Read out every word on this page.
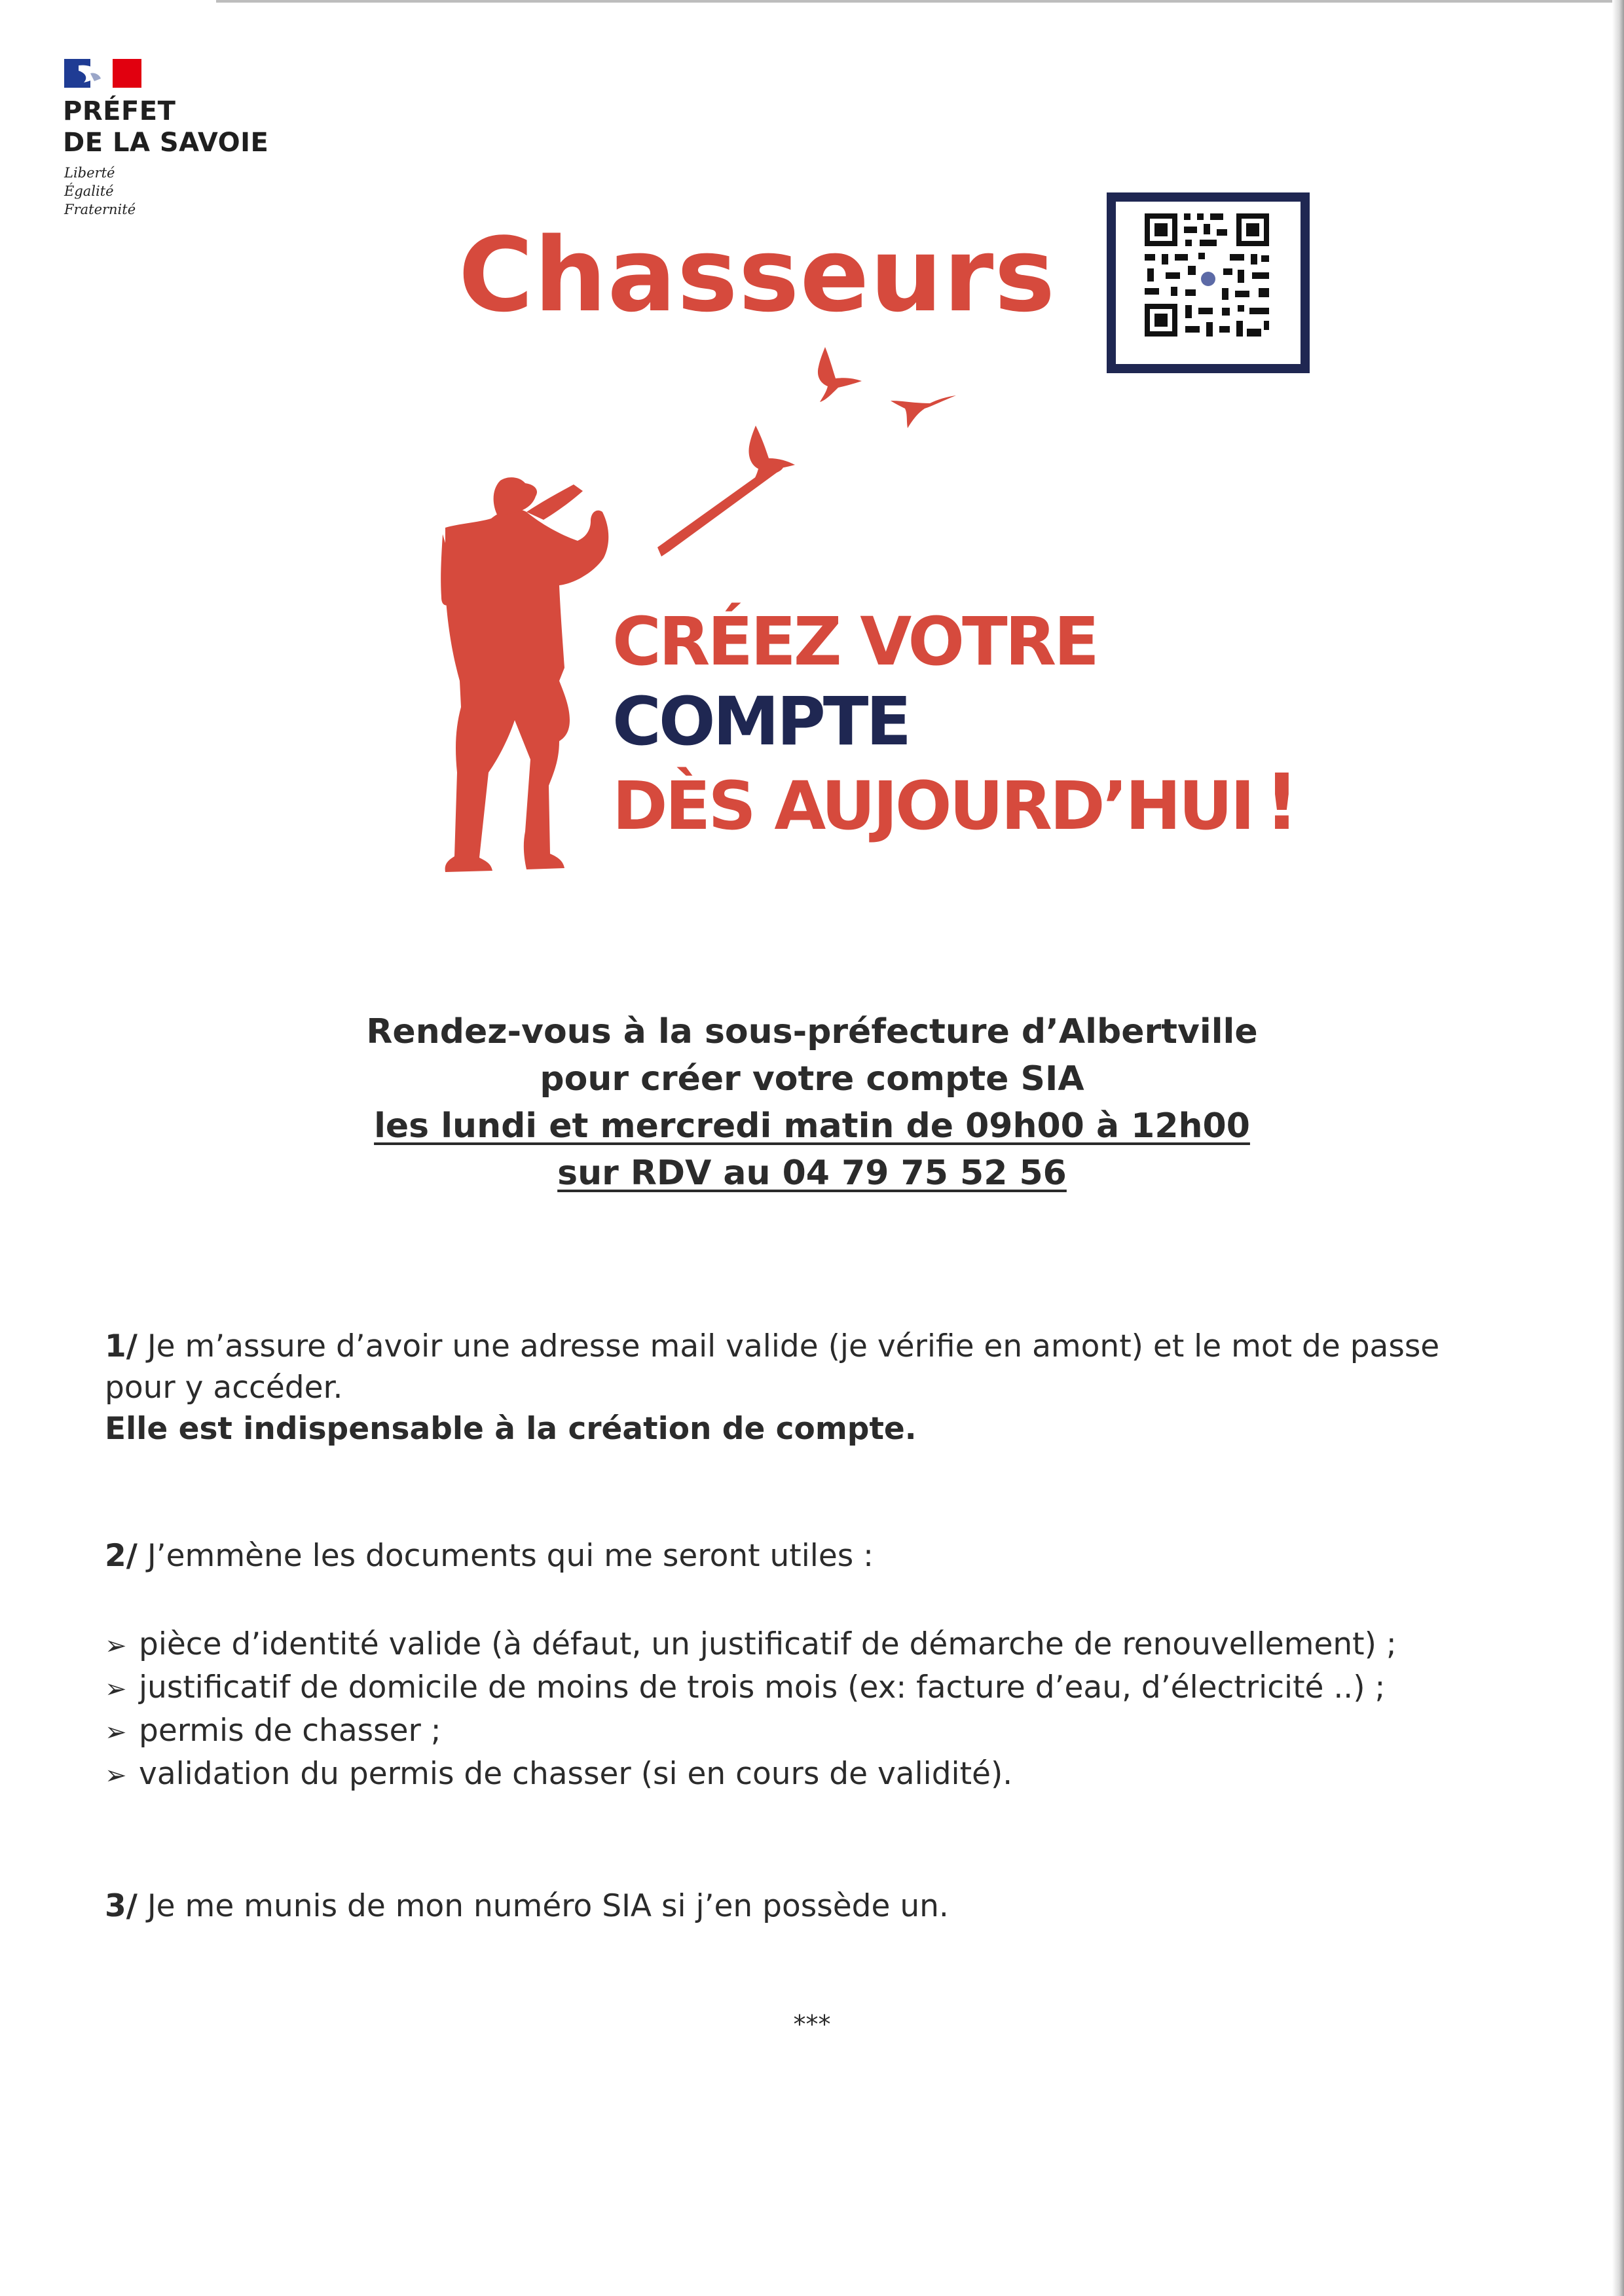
PRÉFET
DE LA SAVOIE
Liberté
Égalité
Fraternité
Chasseurs
CRÉEZ VOTRE
COMPTE
DÈS AUJOURD’HUI !
Rendez-vous à la sous-préfecture d’Albertville
pour créer votre compte SIA
les lundi et mercredi matin de 09h00 à 12h00
sur RDV au 04 79 75 52 56

1/ Je m’assure d’avoir une adresse mail valide (je vérifie en amont) et le mot de passe pour y accéder.
Elle est indispensable à la création de compte.

2/ J’emmène les documents qui me seront utiles :

➢ pièce d’identité valide (à défaut, un justificatif de démarche de renouvellement) ;
➢ justificatif de domicile de moins de trois mois (ex: facture d’eau, d’électricité ..) ;
➢ permis de chasser ;
➢ validation du permis de chasser (si en cours de validité).

3/ Je me munis de mon numéro SIA si j’en possède un.

***
